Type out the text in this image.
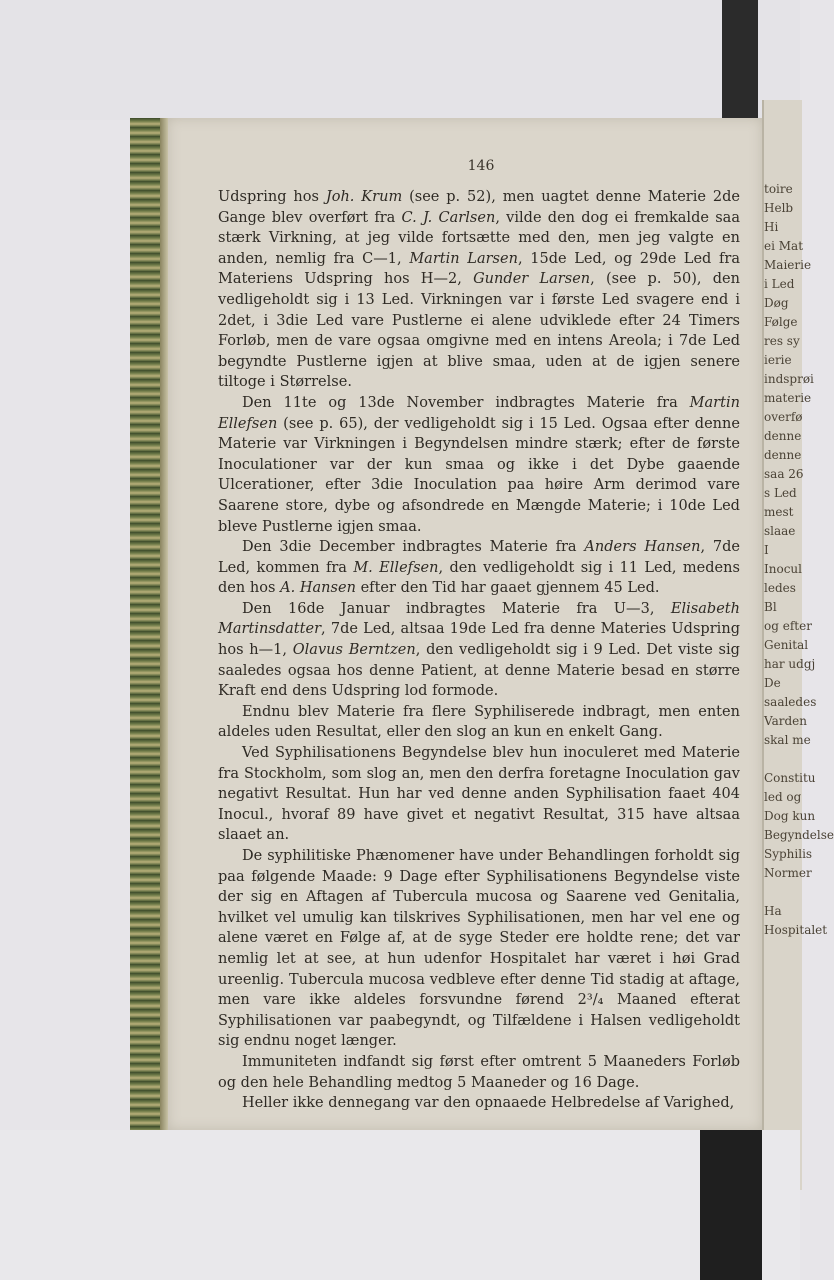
146

Udspring hos Joh. Krum (see p. 52), men uagtet denne Materie 2de Gange blev overført fra C. J. Carlsen, vilde den dog ei fremkalde saa stærk Virkning, at jeg vilde fortsætte med den, men jeg valgte en anden, nemlig fra C—1, Martin Larsen, 15de Led, og 29de Led fra Materiens Udspring hos H—2, Gunder Larsen, (see p. 50), den vedligeholdt sig i 13 Led. Virkningen var i første Led svagere end i 2det, i 3die Led vare Pustlerne ei alene udviklede efter 24 Timers Forløb, men de vare ogsaa omgivne med en intens Areola; i 7de Led begyndte Pustlerne igjen at blive smaa, uden at de igjen senere tiltoge i Størrelse.

Den 11te og 13de November indbragtes Materie fra Martin Ellefsen (see p. 65), der vedligeholdt sig i 15 Led. Ogsaa efter denne Materie var Virkningen i Begyndelsen mindre stærk; efter de første Inoculationer var der kun smaa og ikke i det Dybe gaaende Ulcerationer, efter 3die Inoculation paa høire Arm derimod vare Saarene store, dybe og afsondrede en Mængde Materie; i 10de Led bleve Pustlerne igjen smaa.

Den 3die December indbragtes Materie fra Anders Hansen, 7de Led, kommen fra M. Ellefsen, den vedligeholdt sig i 11 Led, medens den hos A. Hansen efter den Tid har gaaet gjennem 45 Led.

Den 16de Januar indbragtes Materie fra U—3, Elisabeth Martinsdatter, 7de Led, altsaa 19de Led fra denne Materies Udspring hos h—1, Olavus Berntzen, den vedligeholdt sig i 9 Led. Det viste sig saaledes ogsaa hos denne Patient, at denne Materie besad en større Kraft end dens Udspring lod formode.

Endnu blev Materie fra flere Syphiliserede indbragt, men enten aldeles uden Resultat, eller den slog an kun en enkelt Gang.

Ved Syphilisationens Begyndelse blev hun inoculeret med Materie fra Stockholm, som slog an, men den derfra foretagne Inoculation gav negativt Resultat. Hun har ved denne anden Syphilisation faaet 404 Inocul., hvoraf 89 have givet et negativt Resultat, 315 have altsaa slaaet an.

De syphilitiske Phænomener have under Behandlingen forholdt sig paa følgende Maade: 9 Dage efter Syphilisationens Begyndelse viste der sig en Aftagen af Tubercula mucosa og Saarene ved Genitalia, hvilket vel umulig kan tilskrives Syphilisationen, men har vel ene og alene været en Følge af, at de syge Steder ere holdte rene; det var nemlig let at see, at hun udenfor Hospitalet har været i høi Grad ureenlig. Tubercula mucosa vedbleve efter denne Tid stadig at aftage, men vare ikke aldeles forsvundne førend 2³/₄ Maaned efterat Syphilisationen var paabegyndt, og Tilfældene i Halsen vedligeholdt sig endnu noget længer.

Immuniteten indfandt sig først efter omtrent 5 Maaneders Forløb og den hele Behandling medtog 5 Maaneder og 16 Dage.

Heller ikke dennegang var den opnaaede Helbredelse af Varighed,

toire
Helb
Hi
ei Mat
Maierie
i Led
Døg
Følge
res sy
ierie
indsprøi
materie
overfø
denne
denne
saa 26
s Led
mest
slaae
I
Inocul
ledes
Bl
og efter
Genital
har udgj
De
saaledes
Varden
skal me

Constitu
led og
Dog kun
Begyndelse
Syphilis
Normer

Ha
Hospitalet
